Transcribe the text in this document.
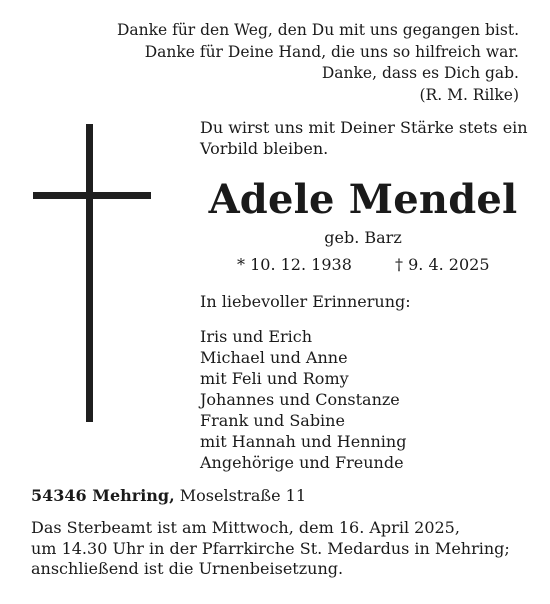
Danke für den Weg, den Du mit uns gegangen bist.
Danke für Deine Hand, die uns so hilfreich war.
Danke, dass es Dich gab.
(R. M. Rilke)
Du wirst uns mit Deiner Stärke stets ein
Vorbild bleiben.
Adele Mendel
geb. Barz
* 10. 12. 1938	† 9. 4. 2025
In liebevoller Erinnerung:
Iris und Erich
Michael und Anne
mit Feli und Romy
Johannes und Constanze
Frank und Sabine
mit Hannah und Henning
Angehörige und Freunde
54346 Mehring, Moselstraße 11
Das Sterbeamt ist am Mittwoch, dem 16. April 2025,
um 14.30 Uhr in der Pfarrkirche St. Medardus in Mehring;
anschließend ist die Urnenbeisetzung.
